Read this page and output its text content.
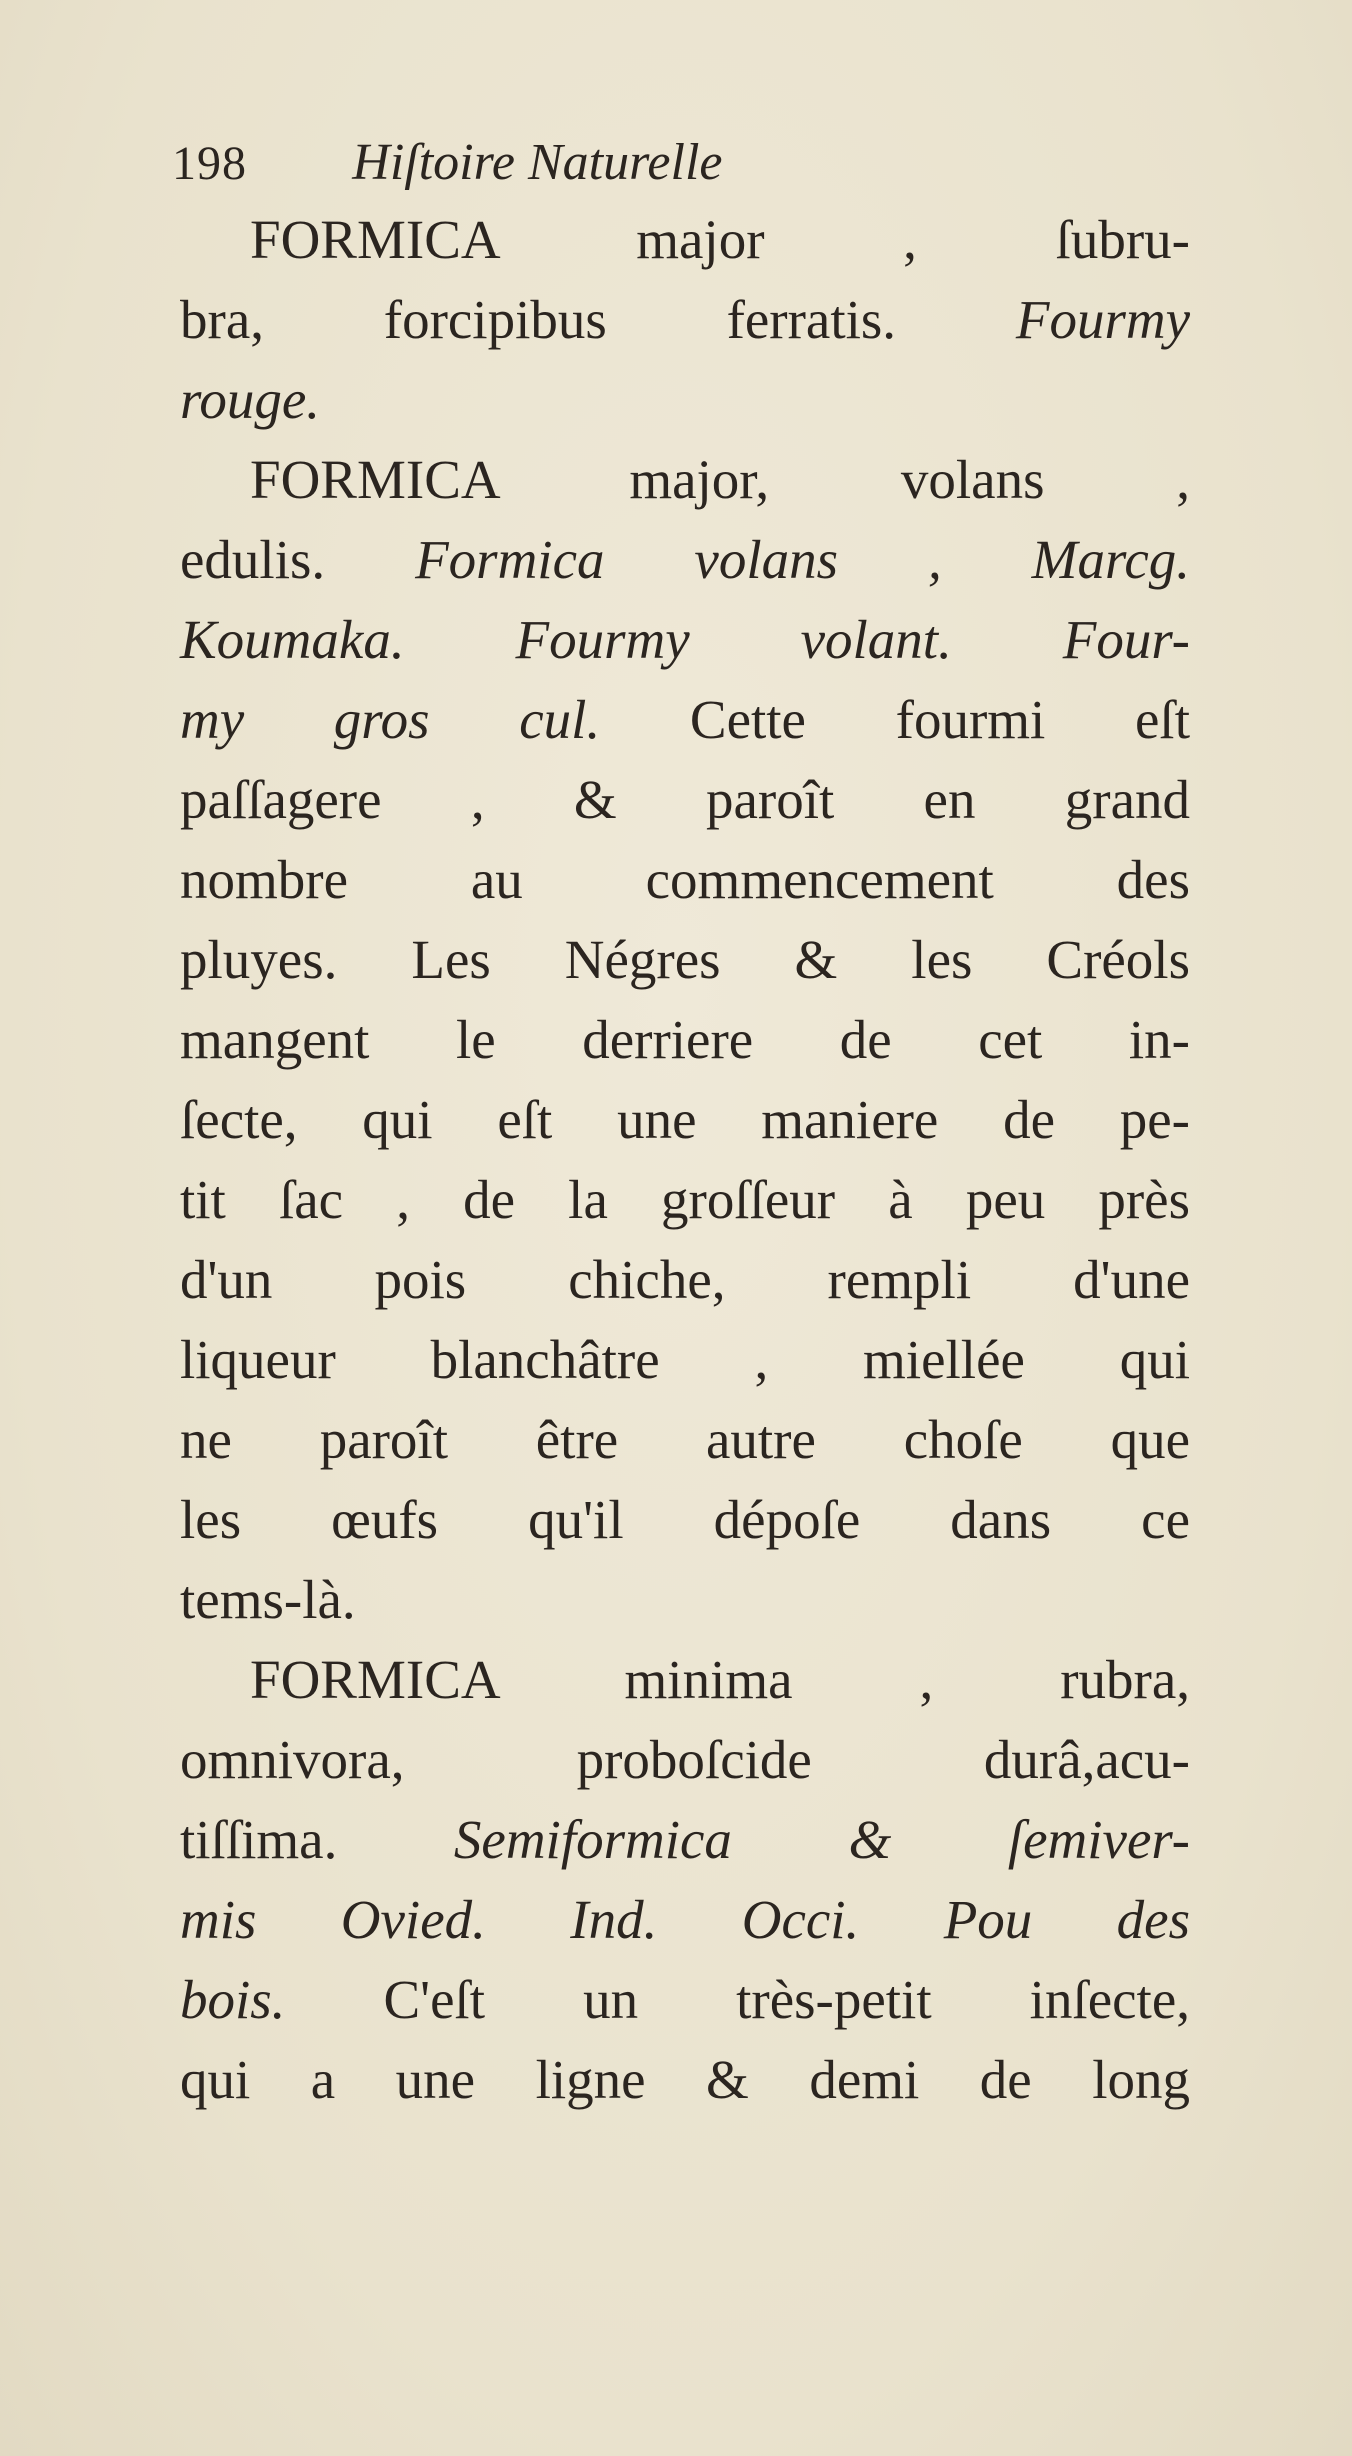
198 Hiſtoire Naturelle
FORMICA major , ſubru-
bra, forcipibus ferratis. Fourmy
rouge.
FORMICA major, volans ,
edulis. Formica volans , Marcg.
Koumaka. Fourmy volant. Four-
my gros cul. Cette fourmi eſt
paſſagere , & paroît en grand
nombre au commencement des
pluyes. Les Négres & les Créols
mangent le derriere de cet in-
ſecte, qui eſt une maniere de pe-
tit ſac , de la groſſeur à peu près
d'un pois chiche, rempli d'une
liqueur blanchâtre , miellée qui
ne paroît être autre choſe que
les œufs qu'il dépoſe dans ce
tems-là.
FORMICA minima , rubra,
omnivora, proboſcide durâ,acu-
tiſſima. Semiformica & ſemiver-
mis Ovied. Ind. Occi. Pou des
bois. C'eſt un très-petit inſecte,
qui a une ligne & demi de long
